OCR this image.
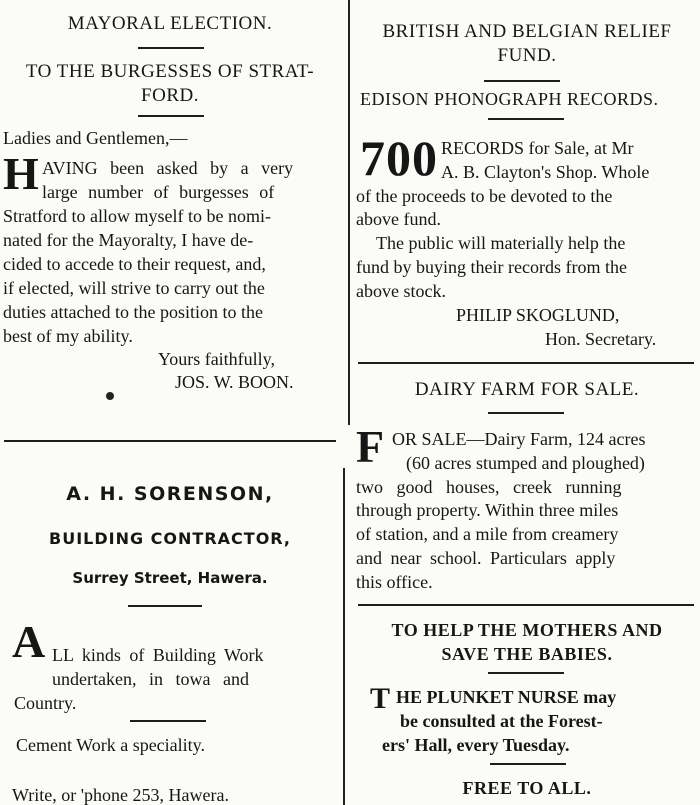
MAYORAL ELECTION.

TO THE BURGESSES OF STRAT-

FORD.

Ladies and Gentlemen,—

H AVING been asked by a very

large number of burgesses of

Stratford to allow myself to be nomi-

nated for the Mayoralty, I have de-

cided to accede to their request, and,

if elected, will strive to carry out the

duties attached to the position to the

best of my ability.

Yours faithfully,

JOS. W. BOON.

A. H. SORENSON,

BUILDING CONTRACTOR,

Surrey Street, Hawera.

A LL kinds of Building Work

undertaken, in towa and

Country.

Cement Work a speciality.

Write, or 'phone 253, Hawera.

BRITISH AND BELGIAN RELIEF

FUND.

EDISON PHONOGRAPH RECORDS.

700 RECORDS for Sale, at Mr

A. B. Clayton's Shop. Whole

of the proceeds to be devoted to the

above fund.

The public will materially help the

fund by buying their records from the

above stock.

PHILIP SKOGLUND,

Hon. Secretary.

DAIRY FARM FOR SALE.

F OR SALE—Dairy Farm, 124 acres

(60 acres stumped and ploughed)

two good houses, creek running

through property. Within three miles

of station, and a mile from creamery

and near school. Particulars apply

this office.

TO HELP THE MOTHERS AND

SAVE THE BABIES.

T HE PLUNKET NURSE may

be consulted at the Forest-

ers' Hall, every Tuesday.

FREE TO ALL.
